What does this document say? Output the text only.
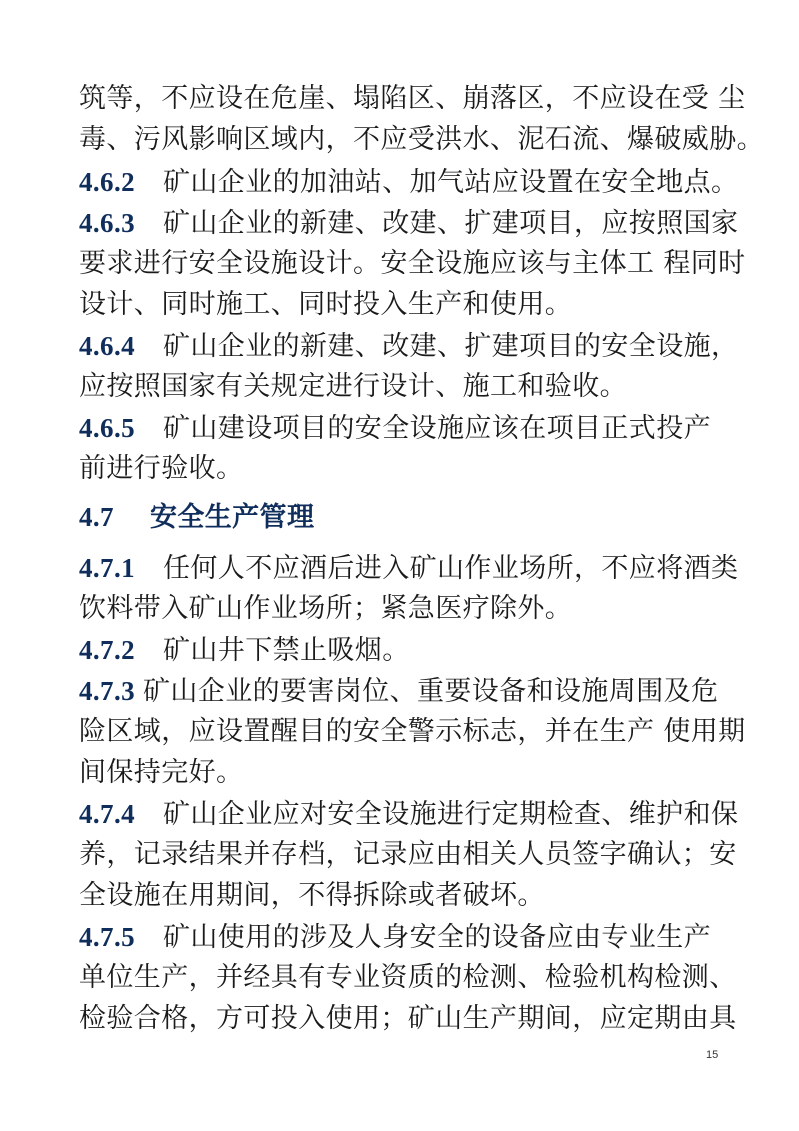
筑等，不应设在危崖、塌陷区、崩落区，不应设在受 尘
毒、污风影响区域内，不应受洪水、泥石流、爆破威胁。
4.6.2 矿山企业的加油站、加气站应设置在安全地点。
4.6.3 矿山企业的新建、改建、扩建项目，应按照国家
要求进行安全设施设计。安全设施应该与主体工 程同时
设计、同时施工、同时投入生产和使用。
4.6.4 矿山企业的新建、改建、扩建项目的安全设施，
应按照国家有关规定进行设计、施工和验收。
4.6.5 矿山建设项目的安全设施应该在项目正式投产
前进行验收。
4.7 安全生产管理
4.7.1 任何人不应酒后进入矿山作业场所，不应将酒类
饮料带入矿山作业场所；紧急医疗除外。
4.7.2 矿山井下禁止吸烟。
4.7.3 矿山企业的要害岗位、重要设备和设施周围及危
险区域，应设置醒目的安全警示标志，并在生产 使用期
间保持完好。
4.7.4 矿山企业应对安全设施进行定期检查、维护和保
养，记录结果并存档，记录应由相关人员签字确认；安
全设施在用期间，不得拆除或者破坏。
4.7.5 矿山使用的涉及人身安全的设备应由专业生产
单位生产，并经具有专业资质的检测、检验机构检测、
检验合格，方可投入使用；矿山生产期间，应定期由具
15
